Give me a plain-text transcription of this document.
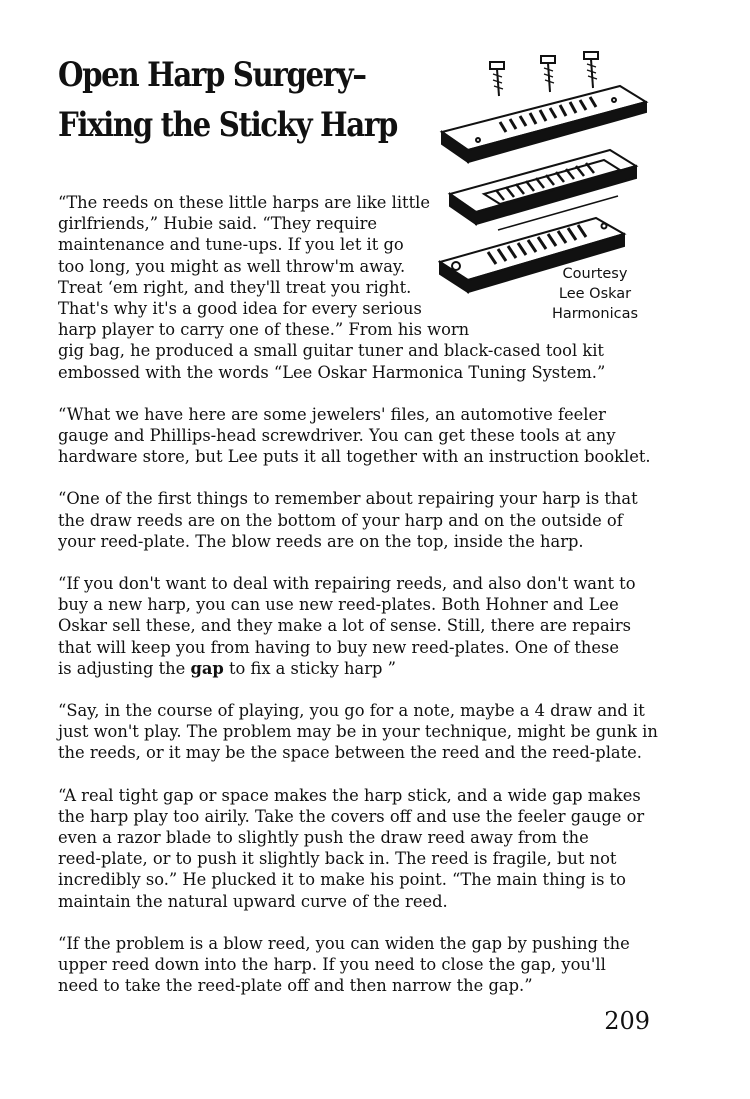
Open Harp Surgery–
Fixing the Sticky Harp
Courtesy
Lee Oskar
Harmonicas

“The reeds on these little harps are like little
girlfriends,” Hubie said. “They require
maintenance and tune-ups. If you let it go
too long, you might as well throw'm away.
Treat ‘em right, and they'll treat you right.
That's why it's a good idea for every serious
harp player to carry one of these.” From his worn
gig bag, he produced a small guitar tuner and black-cased tool kit
embossed with the words “Lee Oskar Harmonica Tuning System.”

“What we have here are some jewelers' files, an automotive feeler
gauge and Phillips-head screwdriver. You can get these tools at any
hardware store, but Lee puts it all together with an instruction booklet.

“One of the first things to remember about repairing your harp is that
the draw reeds are on the bottom of your harp and on the outside of
your reed-plate. The blow reeds are on the top, inside the harp.

“If you don't want to deal with repairing reeds, and also don't want to
buy a new harp, you can use new reed-plates. Both Hohner and Lee
Oskar sell these, and they make a lot of sense. Still, there are repairs
that will keep you from having to buy new reed-plates. One of these
is adjusting the gap to fix a sticky harp ”

“Say, in the course of playing, you go for a note, maybe a 4 draw and it
just won't play. The problem may be in your technique, might be gunk in
the reeds, or it may be the space between the reed and the reed-plate.

“A real tight gap or space makes the harp stick, and a wide gap makes
the harp play too airily. Take the covers off and use the feeler gauge or
even a razor blade to slightly push the draw reed away from the
reed-plate, or to push it slightly back in. The reed is fragile, but not
incredibly so.” He plucked it to make his point. “The main thing is to
maintain the natural upward curve of the reed.

“If the problem is a blow reed, you can widen the gap by pushing the
upper reed down into the harp. If you need to close the gap, you'll
need to take the reed-plate off and then narrow the gap.”

209
